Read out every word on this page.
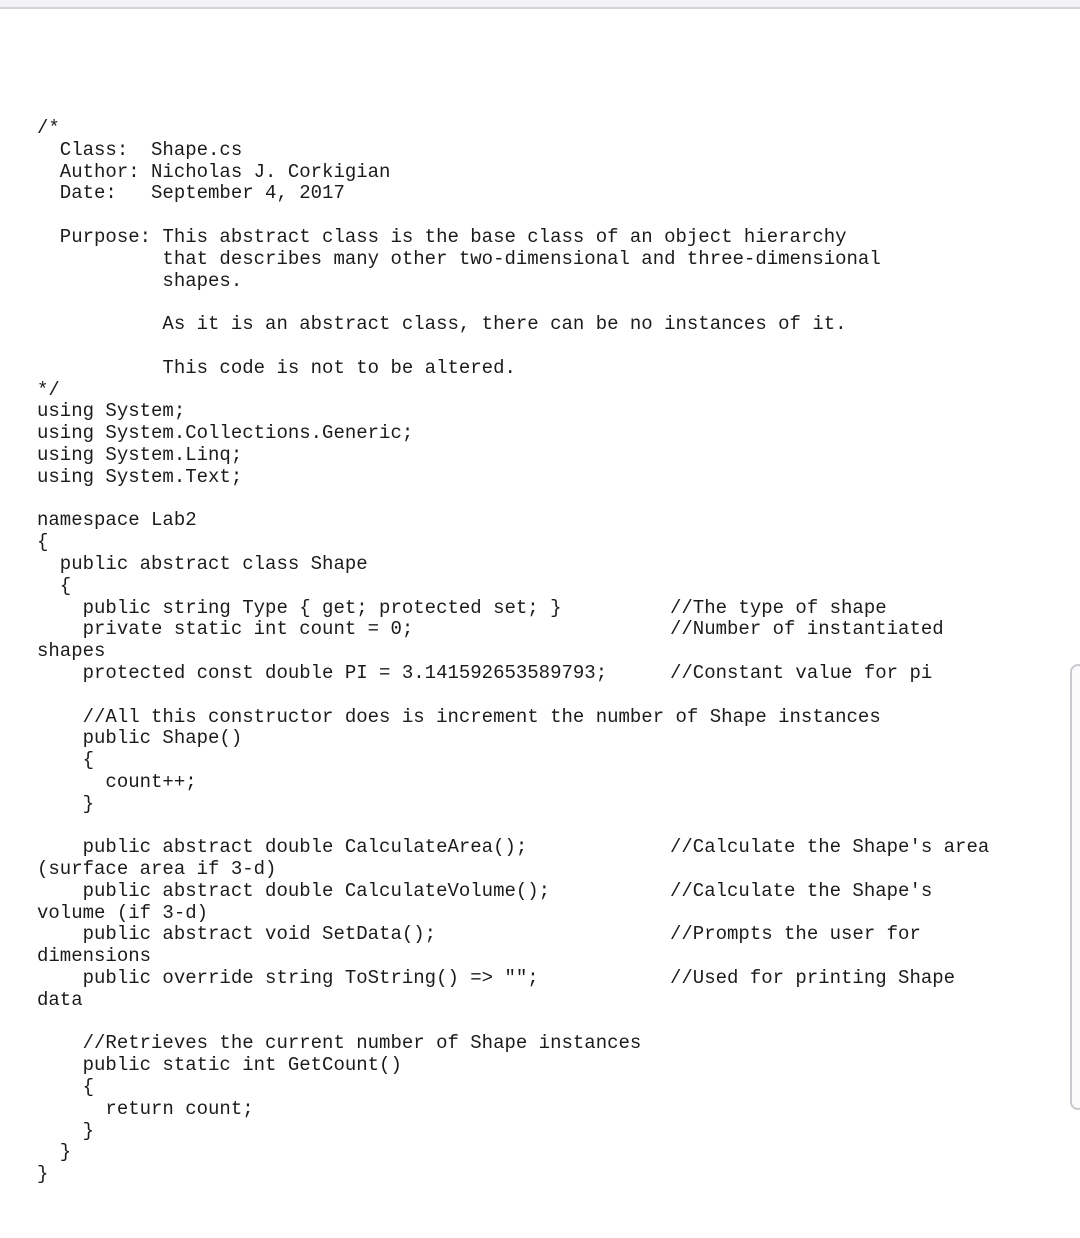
/*
Class:  Shape.cs
Author: Nicholas J. Corkigian
Date:   September 4, 2017
Purpose: This abstract class is the base class of an object hierarchy
that describes many other two-dimensional and three-dimensional
shapes.
As it is an abstract class, there can be no instances of it.
This code is not to be altered.
*/
using System;
using System.Collections.Generic;
using System.Linq;
using System.Text;
namespace Lab2
{
public abstract class Shape
{
public string Type { get; protected set; }	//The type of shape
private static int count = 0;	//Number of instantiated
shapes
protected const double PI = 3.141592653589793;	//Constant value for pi
//All this constructor does is increment the number of Shape instances
public Shape()
{
count++;
}
public abstract double CalculateArea();	//Calculate the Shape's area
(surface area if 3-d)
public abstract double CalculateVolume();	//Calculate the Shape's
volume (if 3-d)
public abstract void SetData();	//Prompts the user for
dimensions
public override string ToString() => "";	//Used for printing Shape
data
//Retrieves the current number of Shape instances
public static int GetCount()
{
return count;
}
}
}
